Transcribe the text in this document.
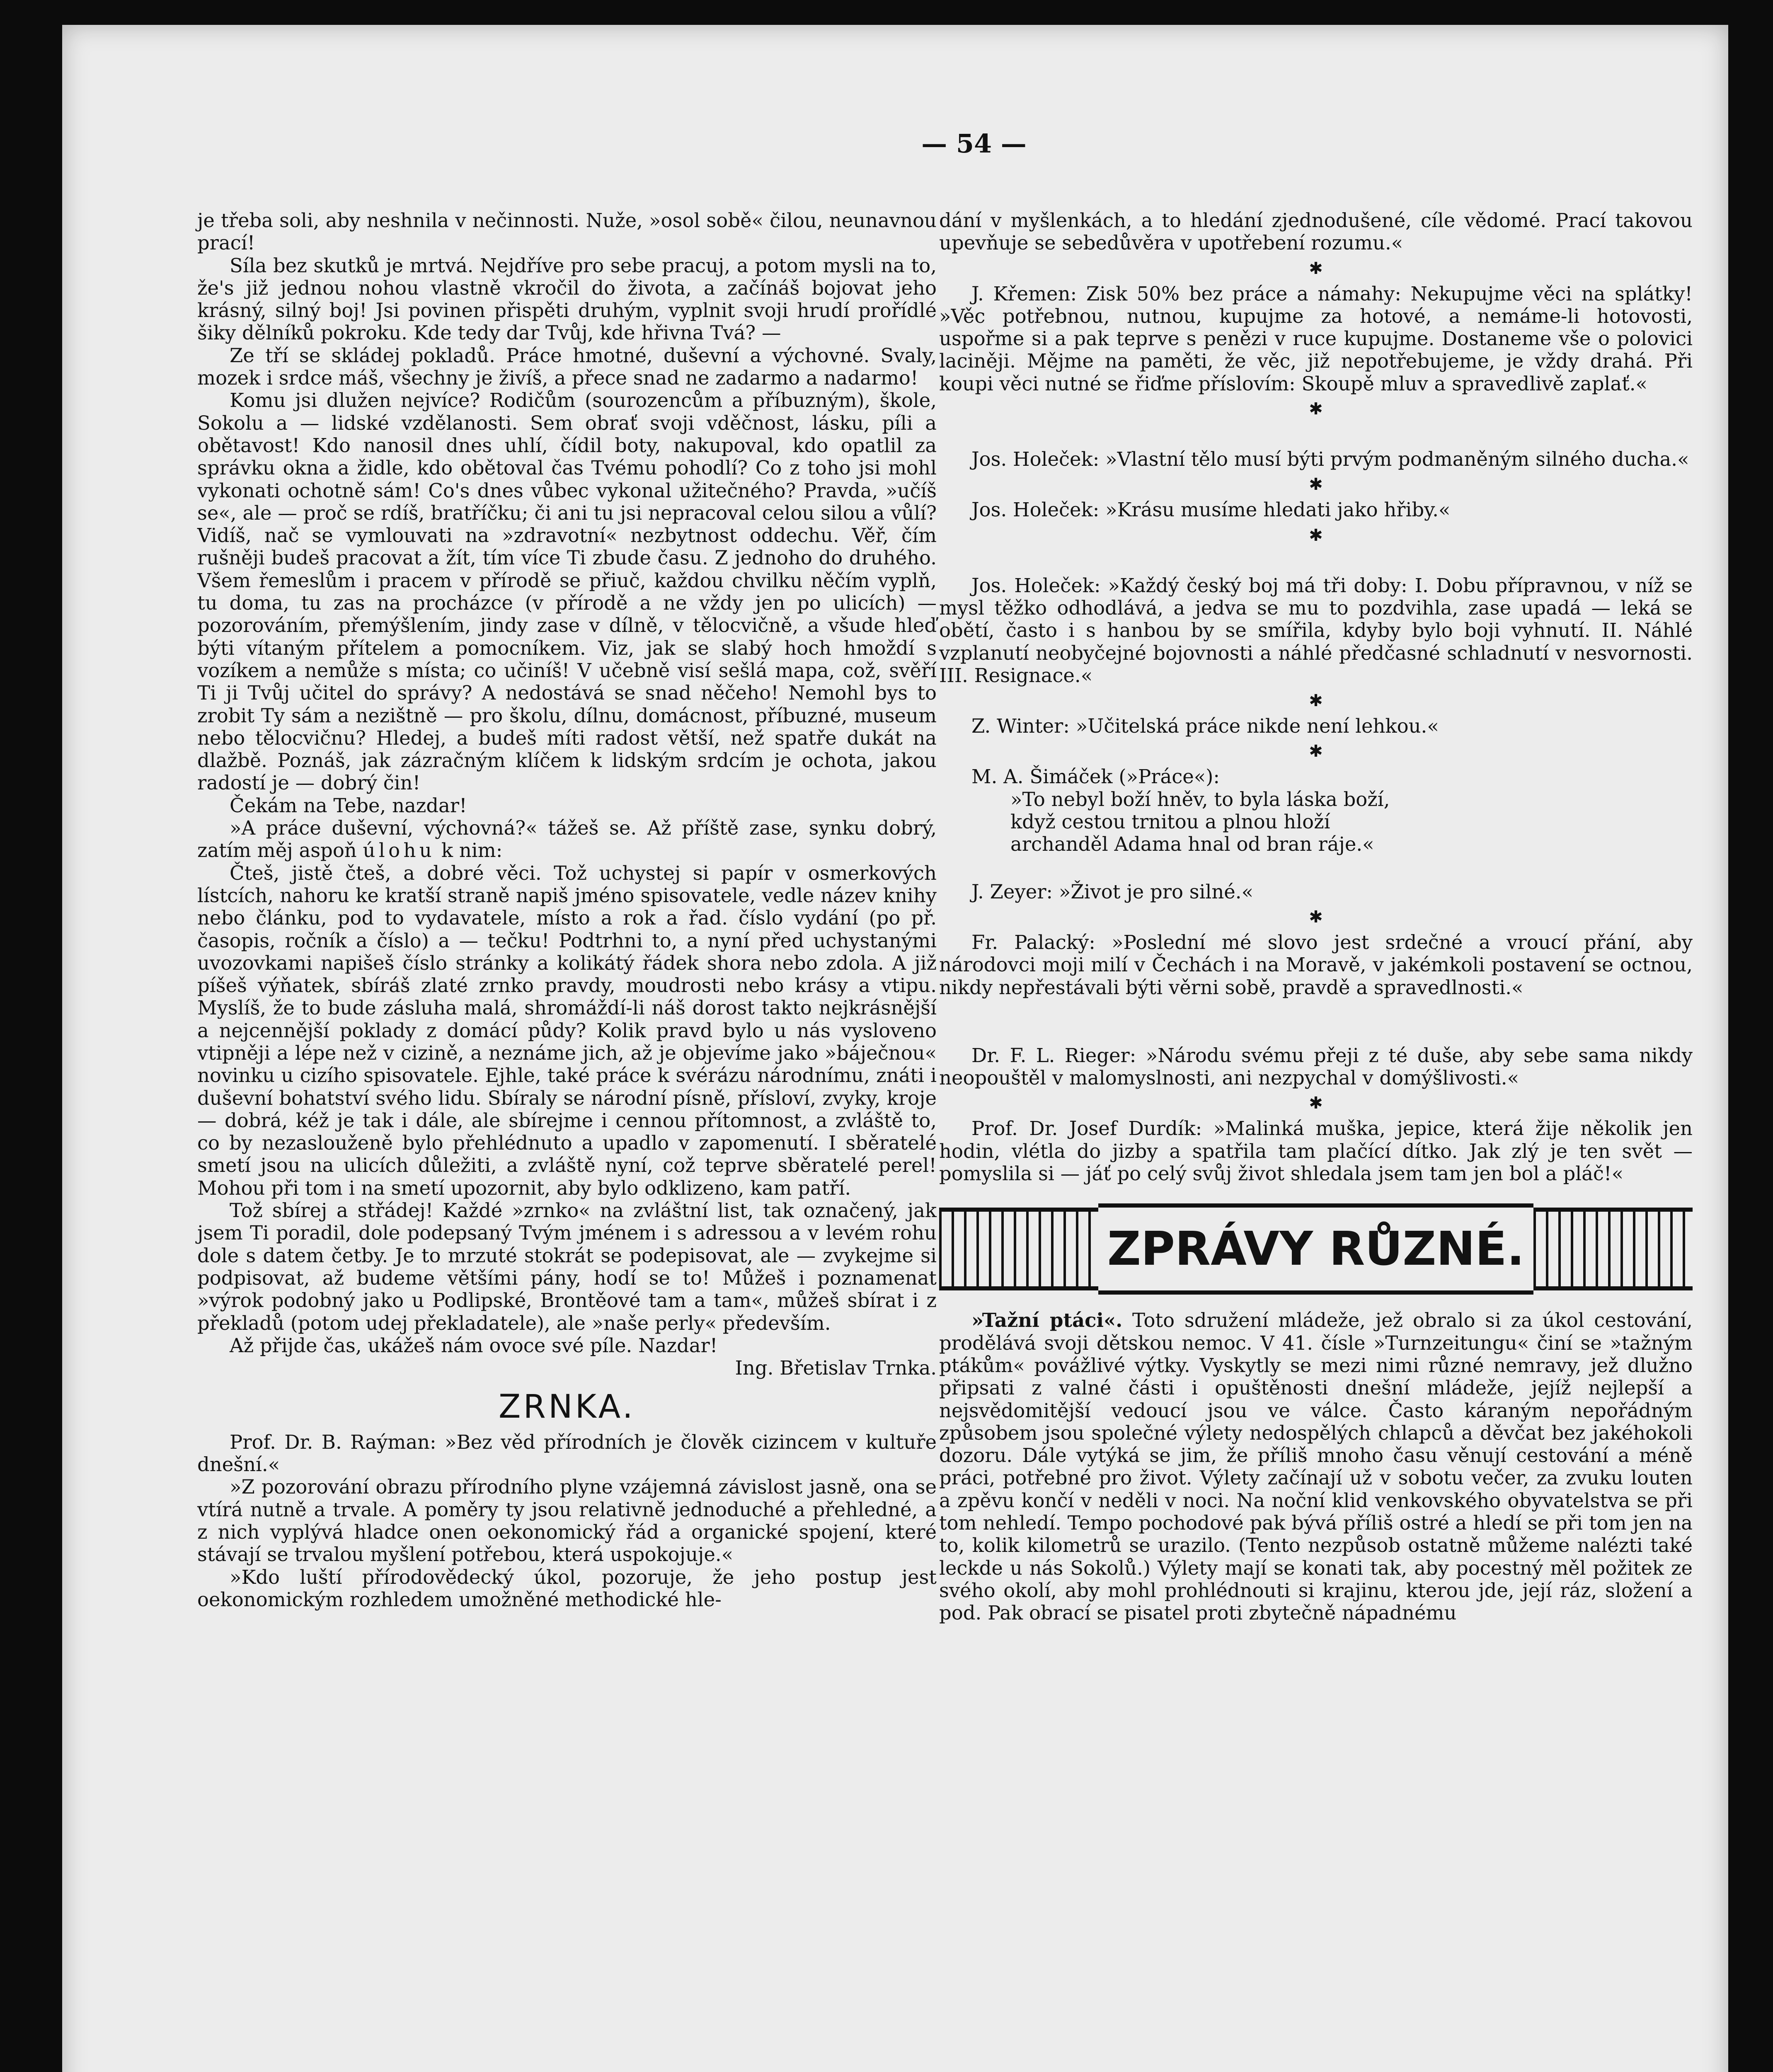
— 54 —

je třeba soli, aby neshnila v nečinnosti. Nuže, »osol sobě« čilou, neunavnou prací!

Síla bez skutků je mrtvá. Nejdříve pro sebe pracuj, a potom mysli na to, že's již jednou nohou vlastně vkročil do života, a začínáš bojovat jeho krásný, silný boj! Jsi povinen přispěti druhým, vyplnit svoji hrudí prořídlé šiky dělníků pokroku. Kde tedy dar Tvůj, kde hřivna Tvá? —

Ze tří se skládej pokladů. Práce hmotné, duševní a výchovné. Svaly, mozek i srdce máš, všechny je živíš, a přece snad ne zadarmo a nadarmo!

Komu jsi dlužen nejvíce? Rodičům (sourozencům a příbuzným), škole, Sokolu a — lidské vzdělanosti. Sem obrať svoji vděčnost, lásku, píli a obětavost! Kdo nanosil dnes uhlí, čídil boty, nakupoval, kdo opatlil za správku okna a židle, kdo obětoval čas Tvému pohodlí? Co z toho jsi mohl vykonati ochotně sám! Co's dnes vůbec vykonal užitečného? Pravda, »učíš se«, ale — proč se rdíš, bratříčku; či ani tu jsi nepracoval celou silou a vůlí? Vidíš, nač se vymlouvati na »zdravotní« nezbytnost oddechu. Věř, čím rušněji budeš pracovat a žít, tím více Ti zbude času. Z jednoho do druhého. Všem řemeslům i pracem v přírodě se přiuč, každou chvilku něčím vyplň, tu doma, tu zas na procházce (v přírodě a ne vždy jen po ulicích) — pozorováním, přemýšlením, jindy zase v dílně, v tělocvičně, a všude hleď býti vítaným přítelem a pomocníkem. Viz, jak se slabý hoch hmoždí s vozíkem a nemůže s místa; co učiníš! V učebně visí sešlá mapa, což, svěří Ti ji Tvůj učitel do správy? A nedostává se snad něčeho! Nemohl bys to zrobit Ty sám a nezištně — pro školu, dílnu, domácnost, příbuzné, museum nebo tělocvičnu? Hledej, a budeš míti radost větší, než spatře dukát na dlažbě. Poznáš, jak zázračným klíčem k lidským srdcím je ochota, jakou radostí je — dobrý čin!

Čekám na Tebe, nazdar!

»A práce duševní, výchovná?« tážeš se. Až příště zase, synku dobrý, zatím měj aspoň úlohu k nim:

Čteš, jistě čteš, a dobré věci. Tož uchystej si papír v osmerkových lístcích, nahoru ke kratší straně napiš jméno spisovatele, vedle název knihy nebo článku, pod to vydavatele, místo a rok a řad. číslo vydání (po př. časopis, ročník a číslo) a — tečku! Podtrhni to, a nyní před uchystanými uvozovkami napišeš číslo stránky a kolikátý řádek shora nebo zdola. A již píšeš výňatek, sbíráš zlaté zrnko pravdy, moudrosti nebo krásy a vtipu. Myslíš, že to bude zásluha malá, shromáždí-li náš dorost takto nejkrásnější a nejcennější poklady z domácí půdy? Kolik pravd bylo u nás vysloveno vtipněji a lépe než v cizině, a neznáme jich, až je objevíme jako »báječnou« novinku u cizího spisovatele. Ejhle, také práce k svérázu národnímu, znáti i duševní bohatství svého lidu. Sbíraly se národní písně, přísloví, zvyky, kroje — dobrá, kéž je tak i dále, ale sbírejme i cennou přítomnost, a zvláště to, co by nezaslouženě bylo přehlédnuto a upadlo v zapomenutí. I sběratelé smetí jsou na ulicích důležiti, a zvláště nyní, což teprve sběratelé perel! Mohou při tom i na smetí upozornit, aby bylo odklizeno, kam patří.

Tož sbírej a střádej! Každé »zrnko« na zvláštní list, tak označený, jak jsem Ti poradil, dole podepsaný Tvým jménem i s adressou a v levém rohu dole s datem četby. Je to mrzuté stokrát se podepisovat, ale — zvykejme si podpisovat, až budeme většími pány, hodí se to! Můžeš i poznamenat »výrok podobný jako u Podlipské, Brontěové tam a tam«, můžeš sbírat i z překladů (potom udej překladatele), ale »naše perly« především.

Až přijde čas, ukážeš nám ovoce své píle. Nazdar!

Ing. Břetislav Trnka.

ZRNKA.

Prof. Dr. B. Raýman: »Bez věd přírodních je člověk cizincem v kultuře dnešní.«

»Z pozorování obrazu přírodního plyne vzájemná závislost jasně, ona se vtírá nutně a trvale. A poměry ty jsou relativně jednoduché a přehledné, a z nich vyplývá hladce onen oekonomický řád a organické spojení, které stávají se trvalou myšlení potřebou, která uspokojuje.«

»Kdo luští přírodovědecký úkol, pozoruje, že jeho postup jest oekonomickým rozhledem umožněné methodické hle-

dání v myšlenkách, a to hledání zjednodušené, cíle vědomé. Prací takovou upevňuje se sebedůvěra v upotřebení rozumu.«

✱

J. Křemen: Zisk 50% bez práce a námahy: Nekupujme věci na splátky! »Věc potřebnou, nutnou, kupujme za hotové, a nemáme-li hotovosti, uspořme si a pak teprve s penězi v ruce kupujme. Dostaneme vše o polovici laciněji. Mějme na paměti, že věc, již nepotřebujeme, je vždy drahá. Při koupi věci nutné se řiďme příslovím: Skoupě mluv a spravedlivě zaplať.«

✱

Jos. Holeček: »Vlastní tělo musí býti prvým podmaněným silného ducha.«

✱

Jos. Holeček: »Krásu musíme hledati jako hřiby.«

✱

Jos. Holeček: »Každý český boj má tři doby: I. Dobu přípravnou, v níž se mysl těžko odhodlává, a jedva se mu to pozdvihla, zase upadá — leká se obětí, často i s hanbou by se smířila, kdyby bylo boji vyhnutí. II. Náhlé vzplanutí neobyčejné bojovnosti a náhlé předčasné schladnutí v nesvornosti. III. Resignace.«

✱

Z. Winter: »Učitelská práce nikde není lehkou.«

✱

M. A. Šimáček (»Práce«):

»To nebyl boží hněv, to byla láska boží,

když cestou trnitou a plnou hloží

archanděl Adama hnal od bran ráje.«

J. Zeyer: »Život je pro silné.«

✱

Fr. Palacký: »Poslední mé slovo jest srdečné a vroucí přání, aby národovci moji milí v Čechách i na Moravě, v jakémkoli postavení se octnou, nikdy nepřestávali býti věrni sobě, pravdě a spravedlnosti.«

Dr. F. L. Rieger: »Národu svému přeji z té duše, aby sebe sama nikdy neopouštěl v malomyslnosti, ani nezpychal v domýšlivosti.«

✱

Prof. Dr. Josef Durdík: »Malinká muška, jepice, která žije několik jen hodin, vlétla do jizby a spatřila tam plačící dítko. Jak zlý je ten svět — pomyslila si — jáť po celý svůj život shledala jsem tam jen bol a pláč!«

ZPRÁVY RŮZNÉ.

»Tažní ptáci«. Toto sdružení mládeže, jež obralo si za úkol cestování, prodělává svoji dětskou nemoc. V 41. čísle »Turnzeitungu« činí se »tažným ptákům« povážlivé výtky. Vyskytly se mezi nimi různé nemravy, jež dlužno připsati z valné části i opuštěnosti dnešní mládeže, jejíž nejlepší a nejsvědomitější vedoucí jsou ve válce. Často káraným nepořádným způsobem jsou společné výlety nedospělých chlapců a děvčat bez jakéhokoli dozoru. Dále vytýká se jim, že příliš mnoho času věnují cestování a méně práci, potřebné pro život. Výlety začínají už v sobotu večer, za zvuku louten a zpěvu končí v neděli v noci. Na noční klid venkovského obyvatelstva se při tom nehledí. Tempo pochodové pak bývá příliš ostré a hledí se při tom jen na to, kolik kilometrů se urazilo. (Tento nezpůsob ostatně můžeme nalézti také leckde u nás Sokolů.) Výlety mají se konati tak, aby pocestný měl požitek ze svého okolí, aby mohl prohlédnouti si krajinu, kterou jde, její ráz, složení a pod. Pak obrací se pisatel proti zbytečně nápadnému
